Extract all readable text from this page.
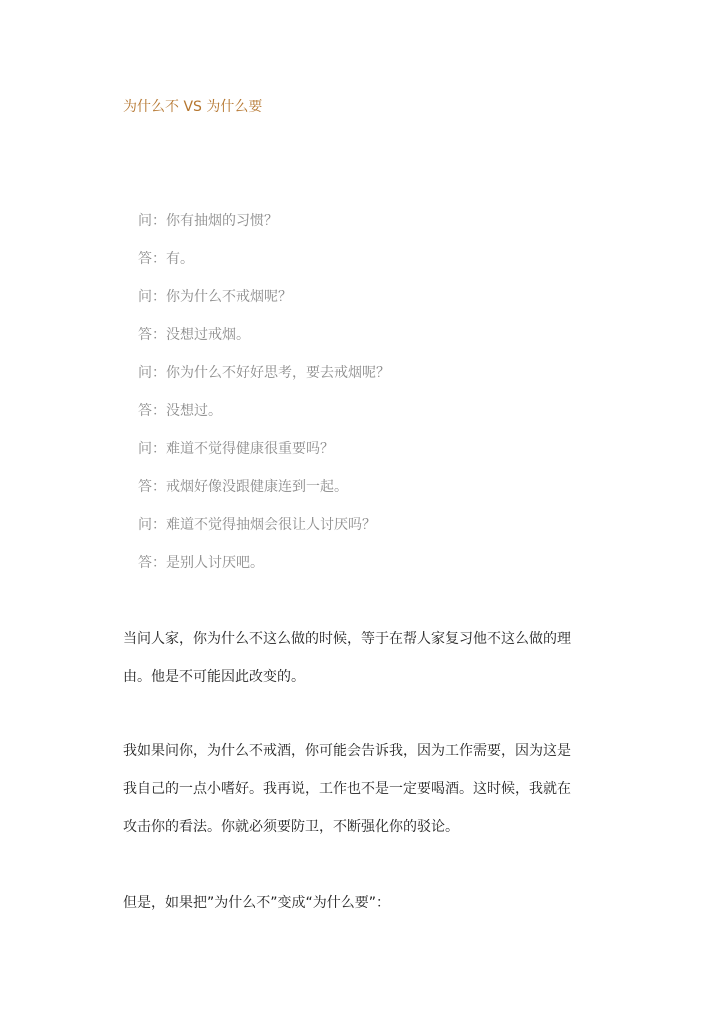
为什么不 VS 为什么要
问：你有抽烟的习惯？
答：有。
问：你为什么不戒烟呢？
答：没想过戒烟。
问：你为什么不好好思考，要去戒烟呢？
答：没想过。
问：难道不觉得健康很重要吗？
答：戒烟好像没跟健康连到一起。
问：难道不觉得抽烟会很让人讨厌吗？
答：是别人讨厌吧。

当问人家，你为什么不这么做的时候，等于在帮人家复习他不这么做的理
由。他是不可能因此改变的。

我如果问你，为什么不戒酒，你可能会告诉我，因为工作需要，因为这是
我自己的一点小嗜好。我再说，工作也不是一定要喝酒。这时候，我就在
攻击你的看法。你就必须要防卫，不断强化你的驳论。

但是，如果把”为什么不”变成“为什么要”：
